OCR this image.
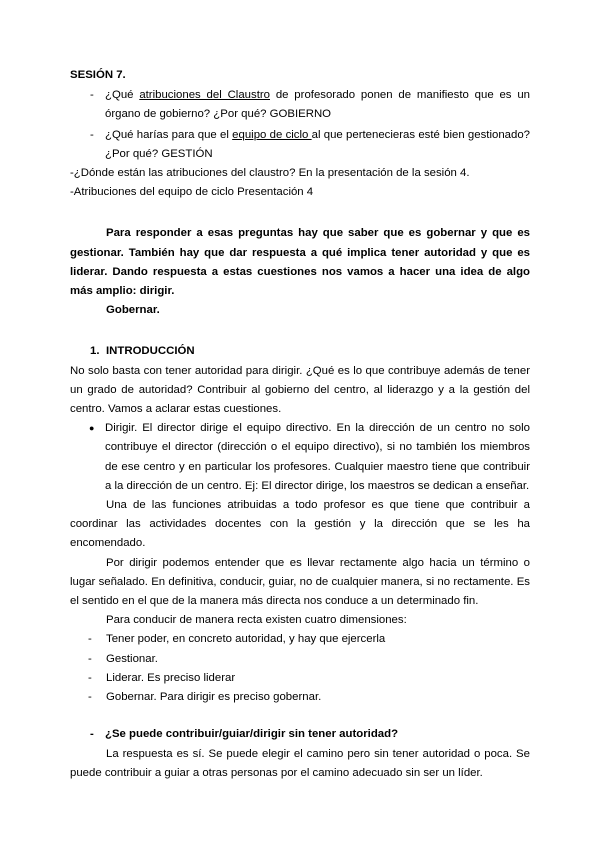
SESIÓN 7.

- ¿Qué atribuciones del Claustro de profesorado ponen de manifiesto que es un órgano de gobierno? ¿Por qué? GOBIERNO
- ¿Qué harías para que el equipo de ciclo al que pertenecieras esté bien gestionado? ¿Por qué? GESTIÓN

-¿Dónde están las atribuciones del claustro? En la presentación de la sesión 4.

-Atribuciones del equipo de ciclo Presentación 4

Para responder a esas preguntas hay que saber que es gobernar y que es gestionar. También hay que dar respuesta a qué implica tener autoridad y que es liderar. Dando respuesta a estas cuestiones nos vamos a hacer una idea de algo más amplio: dirigir.

Gobernar.

1. INTRODUCCIÓN

No solo basta con tener autoridad para dirigir. ¿Qué es lo que contribuye además de tener un grado de autoridad? Contribuir al gobierno del centro, al liderazgo y a la gestión del centro. Vamos a aclarar estas cuestiones.

● Dirigir. El director dirige el equipo directivo. En la dirección de un centro no solo contribuye el director (dirección o el equipo directivo), si no también los miembros de ese centro y en particular los profesores. Cualquier maestro tiene que contribuir a la dirección de un centro. Ej: El director dirige, los maestros se dedican a enseñar.

Una de las funciones atribuidas a todo profesor es que tiene que contribuir a coordinar las actividades docentes con la gestión y la dirección que se les ha encomendado.

Por dirigir podemos entender que es llevar rectamente algo hacia un término o lugar señalado. En definitiva, conducir, guiar, no de cualquier manera, si no rectamente. Es el sentido en el que de la manera más directa nos conduce a un determinado fin.

Para conducir de manera recta existen cuatro dimensiones:

-	Tener poder, en concreto autoridad, y hay que ejercerla
-	Gestionar.
-	Liderar. Es preciso liderar
-	Gobernar. Para dirigir es preciso gobernar.
- ¿Se puede contribuir/guiar/dirigir sin tener autoridad?

La respuesta es sí. Se puede elegir el camino pero sin tener autoridad o poca. Se puede contribuir a guiar a otras personas por el camino adecuado sin ser un líder.
